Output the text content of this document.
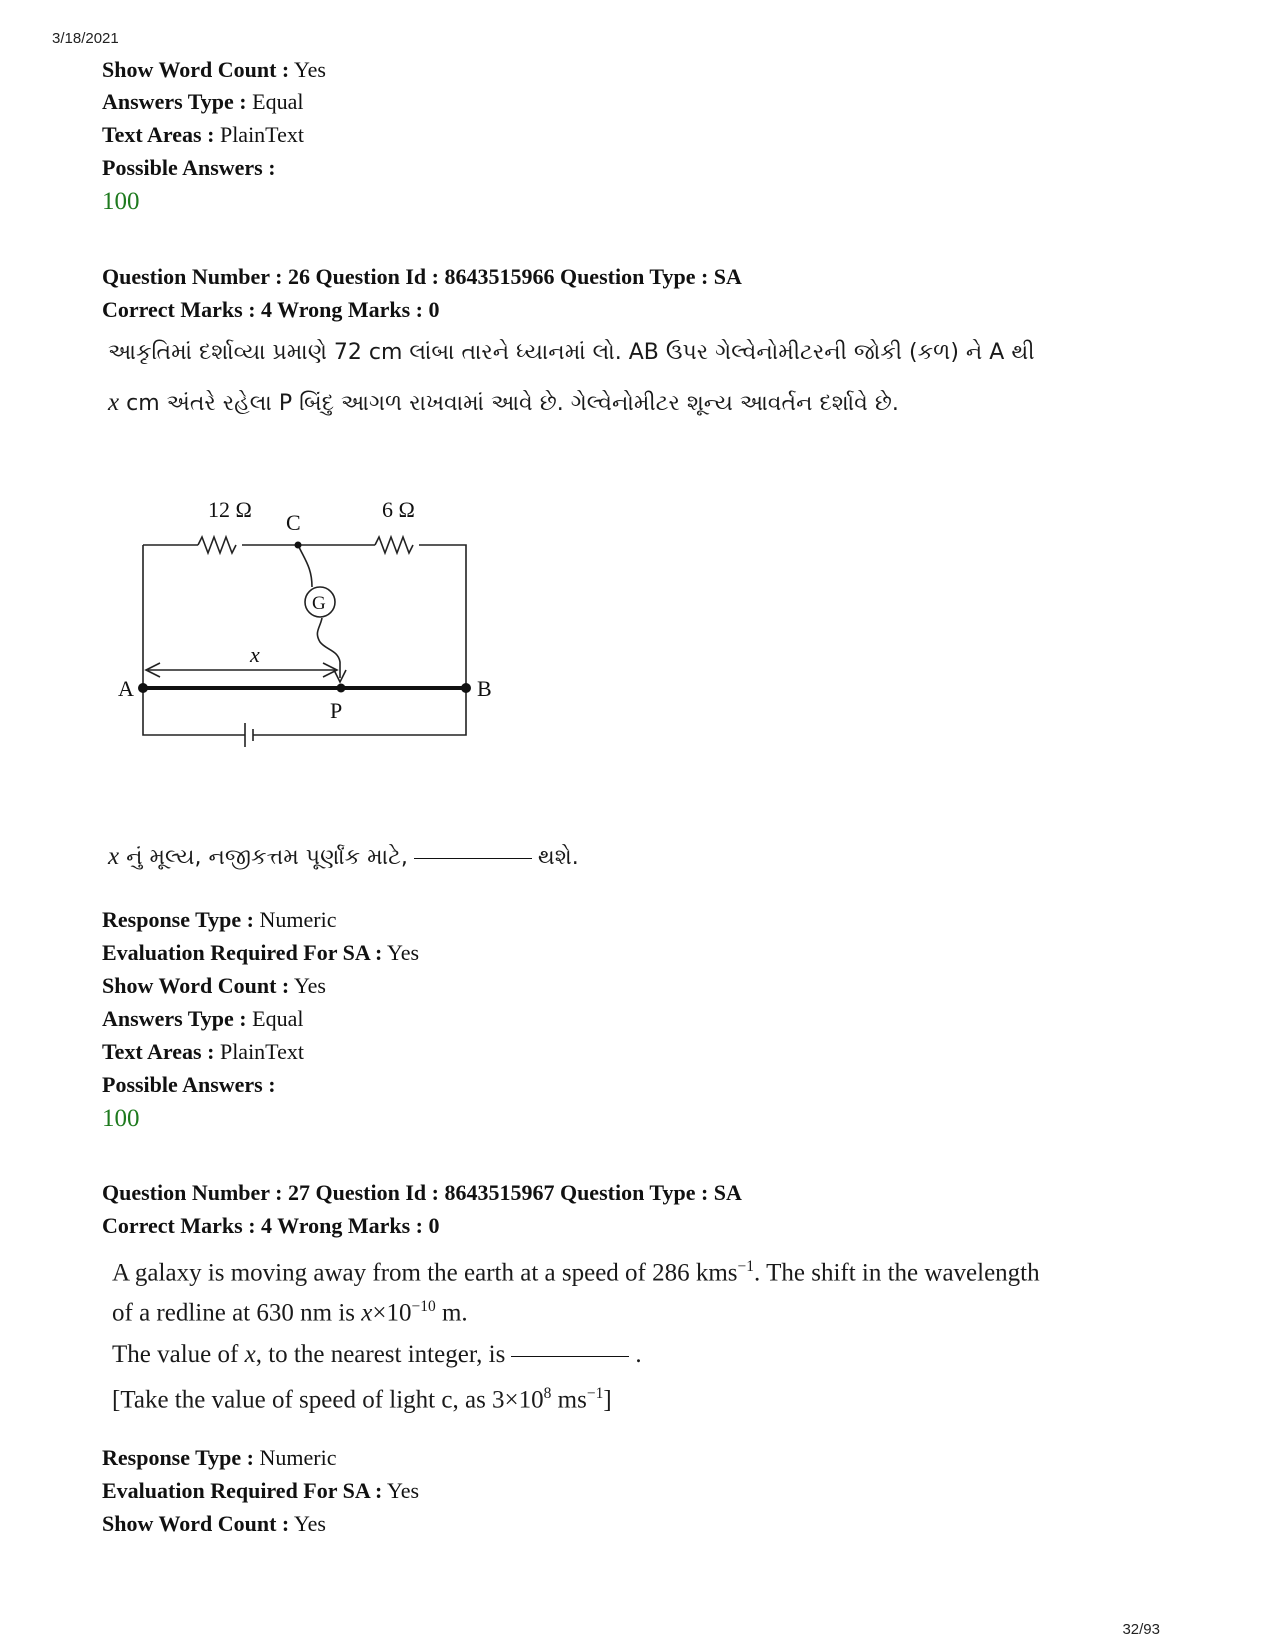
3/18/2021
Show Word Count : Yes
Answers Type : Equal
Text Areas : PlainText
Possible Answers :
100
Question Number : 26 Question Id : 8643515966 Question Type : SA
Correct Marks : 4 Wrong Marks : 0
આકૃતિમાં દર્શાવ્યા પ્રમાણે 72 cm લાંબા તારને ધ્યાનમાં લો. AB ઉપર ગેલ્વેનોમીટરની જોકી (કળ) ને A થી
x cm અંતરે રહેલા P બિંદુ આગળ રાખવામાં આવે છે. ગેલ્વેનોમીટર શૂન્ય આવર્તન દર્શાવે છે.
12 Ω	6 Ω
C
G
x
A	B
P
x નું મૂલ્ય, નજીકત્તમ પૂર્ણાંક માટે,	થશે.
Response Type : Numeric
Evaluation Required For SA : Yes
Show Word Count : Yes
Answers Type : Equal
Text Areas : PlainText
Possible Answers :
100
Question Number : 27 Question Id : 8643515967 Question Type : SA
Correct Marks : 4 Wrong Marks : 0
A galaxy is moving away from the earth at a speed of 286 kms$^{-1}$. The shift in the wavelength
of a redline at 630 nm is $x\times 10^{-10}$ m.
The value of x, to the nearest integer, is	.
[Take the value of speed of light c, as $3\times 10^8$ $ms^{-1}$]
Response Type : Numeric
Evaluation Required For SA : Yes
Show Word Count : Yes
32/93
